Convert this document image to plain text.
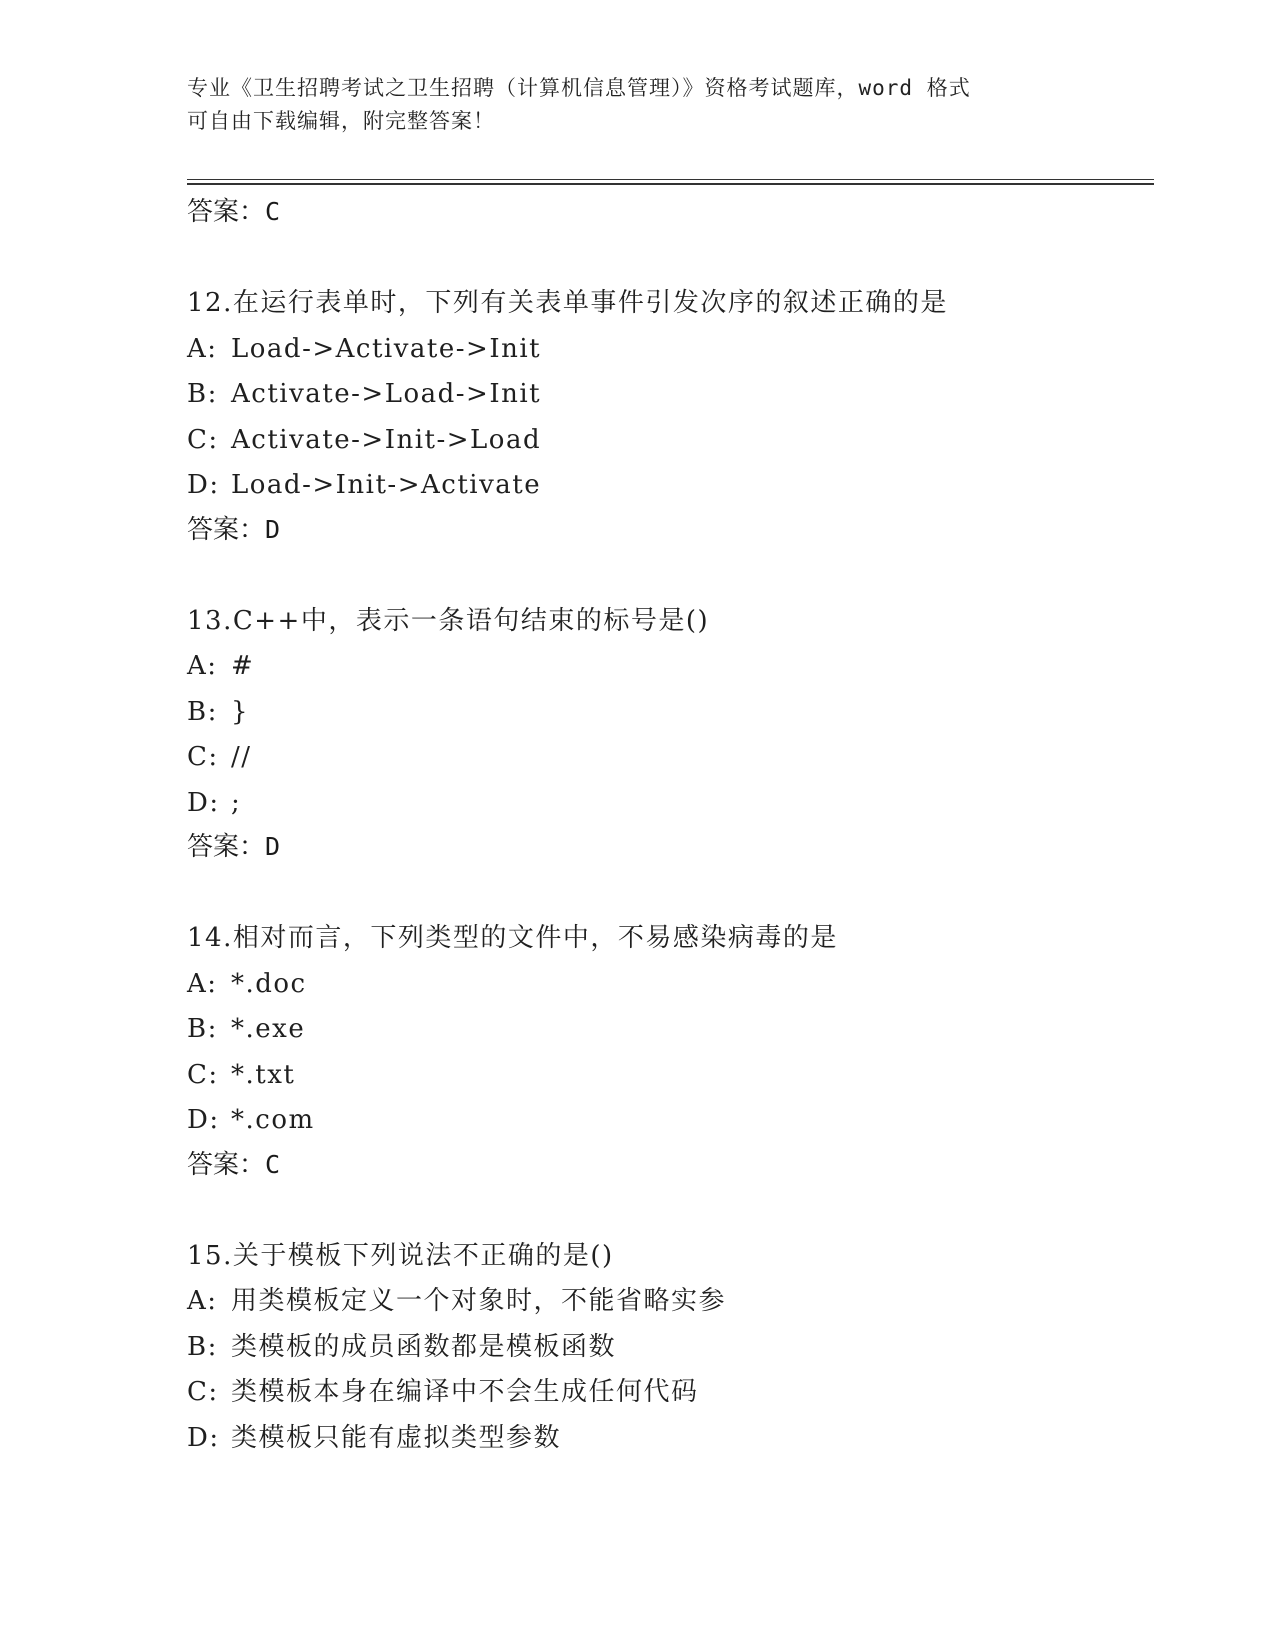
专业《卫生招聘考试之卫生招聘（计算机信息管理）》资格考试题库，word 格式
可自由下载编辑，附完整答案！
答案：C
12.在运行表单时，下列有关表单事件引发次序的叙述正确的是
A: Load->Activate->Init
B: Activate->Load->Init
C: Activate->Init->Load
D: Load->Init->Activate
答案：D
13.C++中，表示一条语句结束的标号是()
A: #
B: }
C: //
D: ;
答案：D
14.相对而言，下列类型的文件中，不易感染病毒的是
A: *.doc
B: *.exe
C: *.txt
D: *.com
答案：C
15.关于模板下列说法不正确的是()
A: 用类模板定义一个对象时，不能省略实参
B: 类模板的成员函数都是模板函数
C: 类模板本身在编译中不会生成任何代码
D: 类模板只能有虚拟类型参数
